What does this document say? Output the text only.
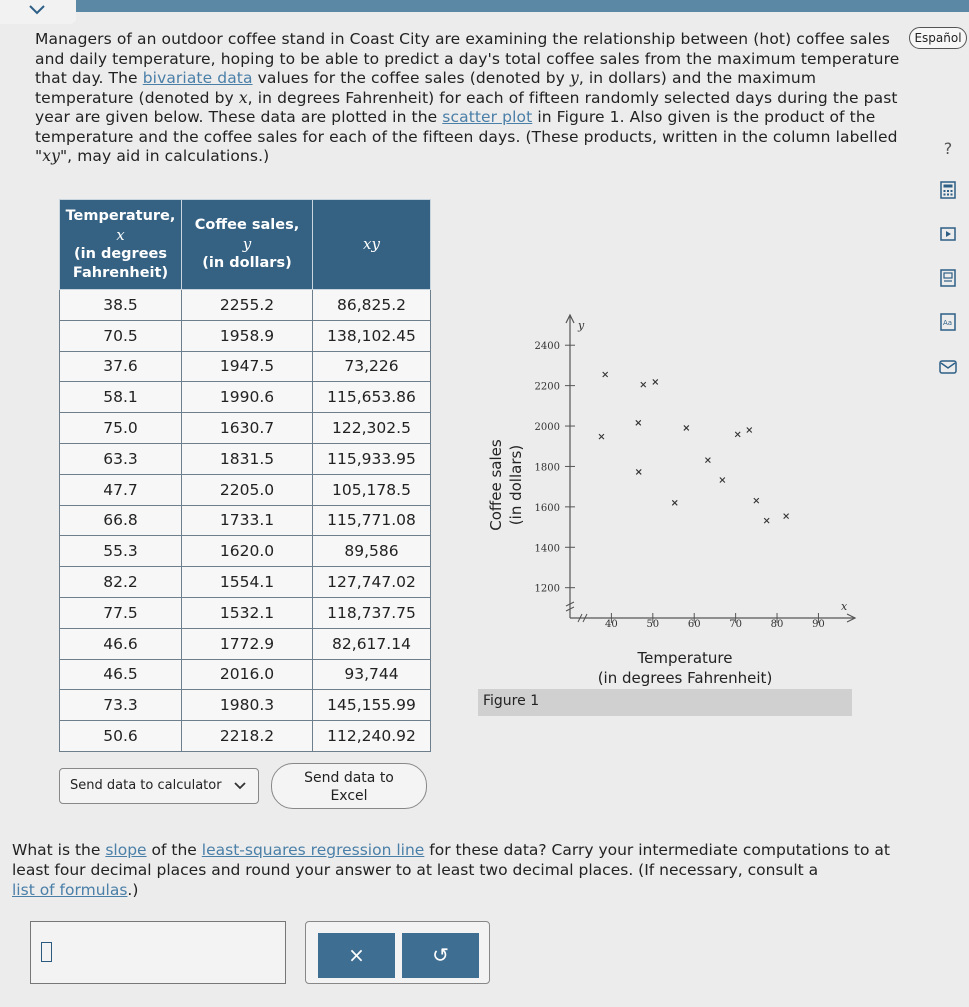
Español
?
Aa
Managers of an outdoor coffee stand in Coast City are examining the relationship between (hot) coffee sales and daily temperature, hoping to be able to predict a day's total coffee sales from the maximum temperature that day. The bivariate data values for the coffee sales (denoted by y, in dollars) and the maximum temperature (denoted by x, in degrees Fahrenheit) for each of fifteen randomly selected days during the past year are given below. These data are plotted in the scatter plot in Figure 1. Also given is the product of the temperature and the coffee sales for each of the fifteen days. (These products, written in the column labelled "xy", may aid in calculations.)
Temperature,
x
(in degrees Fahrenheit)	Coffee sales,
y
(in dollars)	xy

38.5	2255.2	86,825.2
70.5	1958.9	138,102.45
37.6	1947.5	73,226
58.1	1990.6	115,653.86
75.0	1630.7	122,302.5
63.3	1831.5	115,933.95
47.7	2205.0	105,178.5
66.8	1733.1	115,771.08
55.3	1620.0	89,586
82.2	1554.1	127,747.02
77.5	1532.1	118,737.75
46.6	1772.9	82,617.14
46.5	2016.0	93,744
73.3	1980.3	145,155.99
50.6	2218.2	112,240.92
Send data to calculator	Send data to
Excel
Coffee sales (in dollars)
y
x
40	50	60	70	80	90
1200
1400
1600
1800
2000
2200
2400
Temperature
(in degrees Fahrenheit)
Figure 1
What is the slope of the least-squares regression line for these data? Carry your intermediate computations to at least four decimal places and round your answer to at least two decimal places. (If necessary, consult a
list of formulas.)
×	↺
